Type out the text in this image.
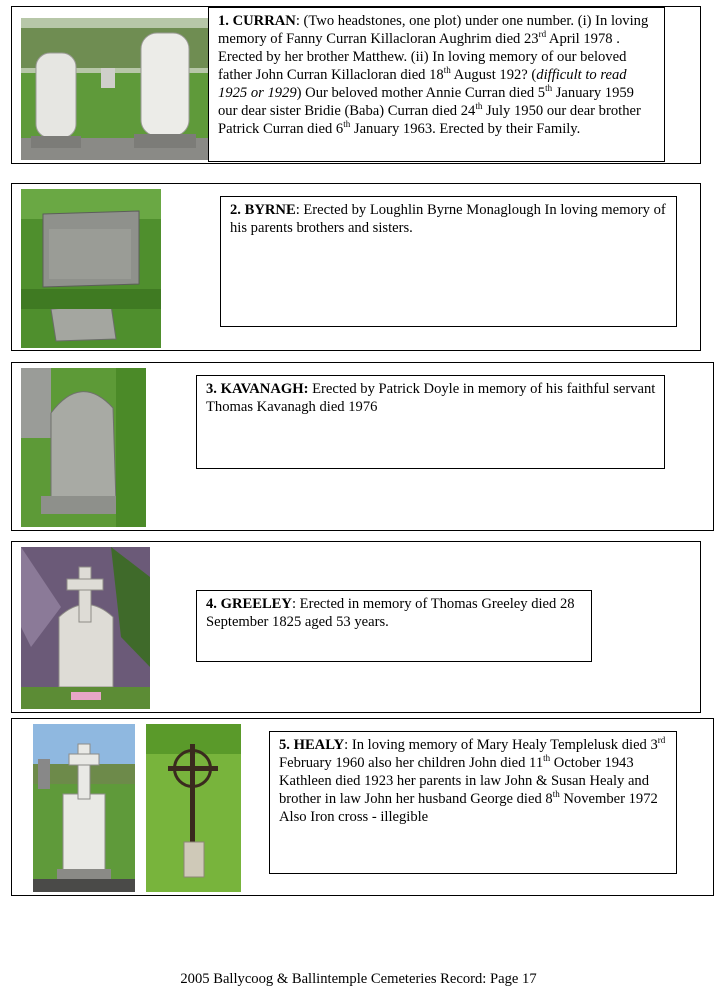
1. CURRAN: (Two headstones, one plot) under one number. (i) In loving memory of Fanny Curran Killacloran Aughrim died 23rd April 1978 . Erected by her brother Matthew. (ii) In loving memory of our beloved father John Curran Killacloran died 18th August 192? (difficult to read 1925 or 1929) Our beloved mother Annie Curran died 5th January 1959 our dear sister Bridie (Baba) Curran died 24th July 1950 our dear brother Patrick Curran died 6th January 1963. Erected by their Family.
2. BYRNE: Erected by Loughlin Byrne Monaglough In loving memory of his parents brothers and sisters.
3. KAVANAGH: Erected by Patrick Doyle in memory of his faithful servant Thomas Kavanagh died 1976
4. GREELEY: Erected in memory of Thomas Greeley died 28 September 1825 aged 53 years.
5. HEALY: In loving memory of Mary Healy Templelusk died 3rd February 1960 also her children John died 11th October 1943 Kathleen died 1923 her parents in law John & Susan Healy and brother in law John her husband George died 8th November 1972
Also Iron cross - illegible
2005 Ballycoog & Ballintemple Cemeteries Record: Page 17
